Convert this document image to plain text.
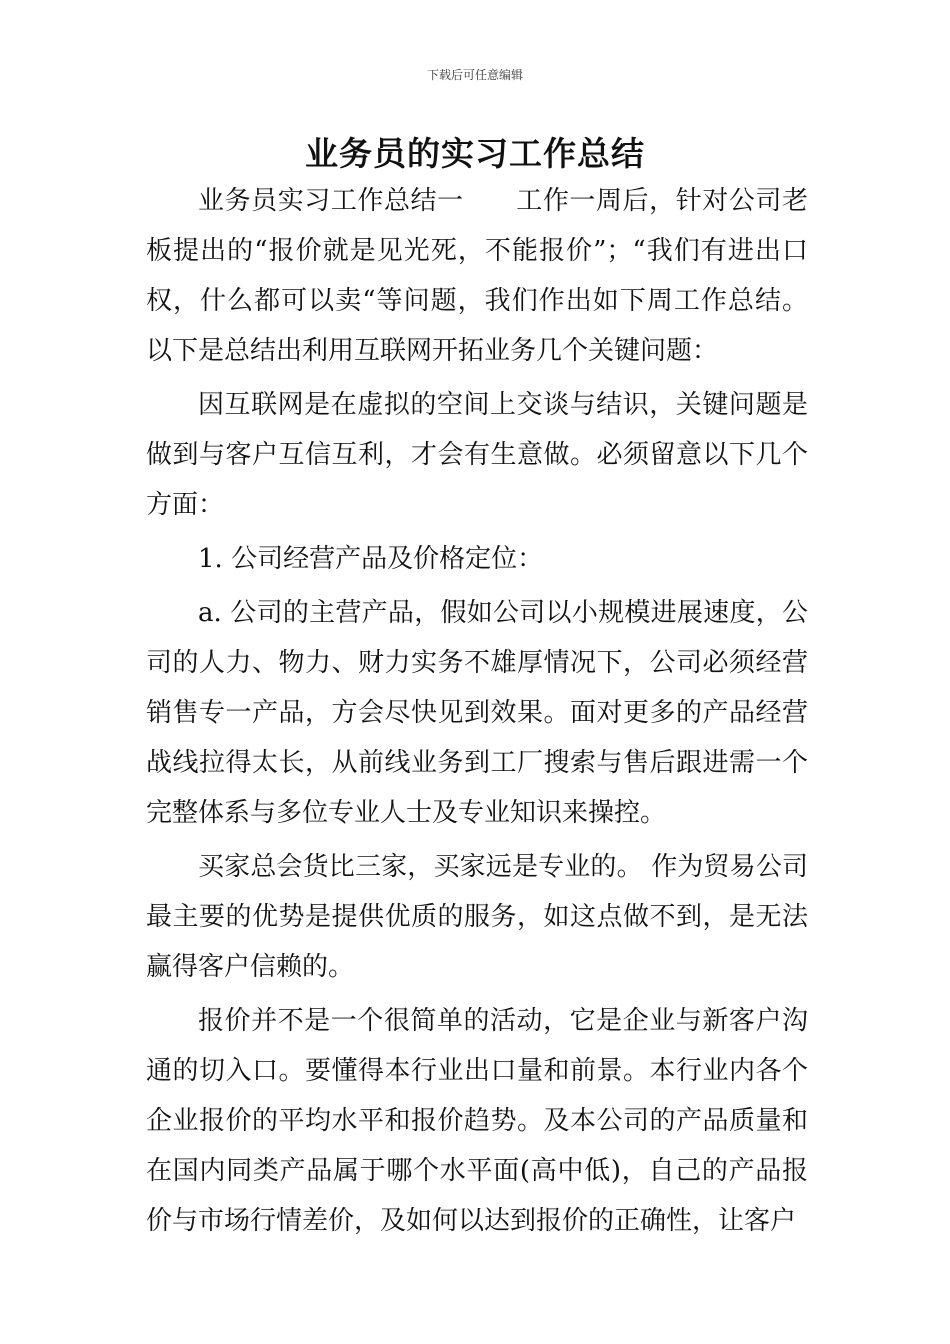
下载后可任意编辑
业务员的实习工作总结

业务员实习工作总结一 工作一周后，针对公司老板提出的“报价就是见光死，不能报价”；“我们有进出口权，什么都可以卖“等问题，我们作出如下周工作总结。以下是总结出利用互联网开拓业务几个关键问题：

因互联网是在虚拟的空间上交谈与结识，关键问题是做到与客户互信互利，才会有生意做。必须留意以下几个方面：

1. 公司经营产品及价格定位：

a. 公司的主营产品，假如公司以小规模进展速度，公司的人力、物力、财力实务不雄厚情况下，公司必须经营销售专一产品，方会尽快见到效果。面对更多的产品经营战线拉得太长，从前线业务到工厂搜索与售后跟进需一个完整体系与多位专业人士及专业知识来操控。

买家总会货比三家，买家远是专业的。 作为贸易公司最主要的优势是提供优质的服务，如这点做不到，是无法赢得客户信赖的。

报价并不是一个很简单的活动，它是企业与新客户沟通的切入口。要懂得本行业出口量和前景。本行业内各个企业报价的平均水平和报价趋势。及本公司的产品质量和在国内同类产品属于哪个水平面(高中低)，自己的产品报价与市场行情差价，及如何以达到报价的正确性，让客户
